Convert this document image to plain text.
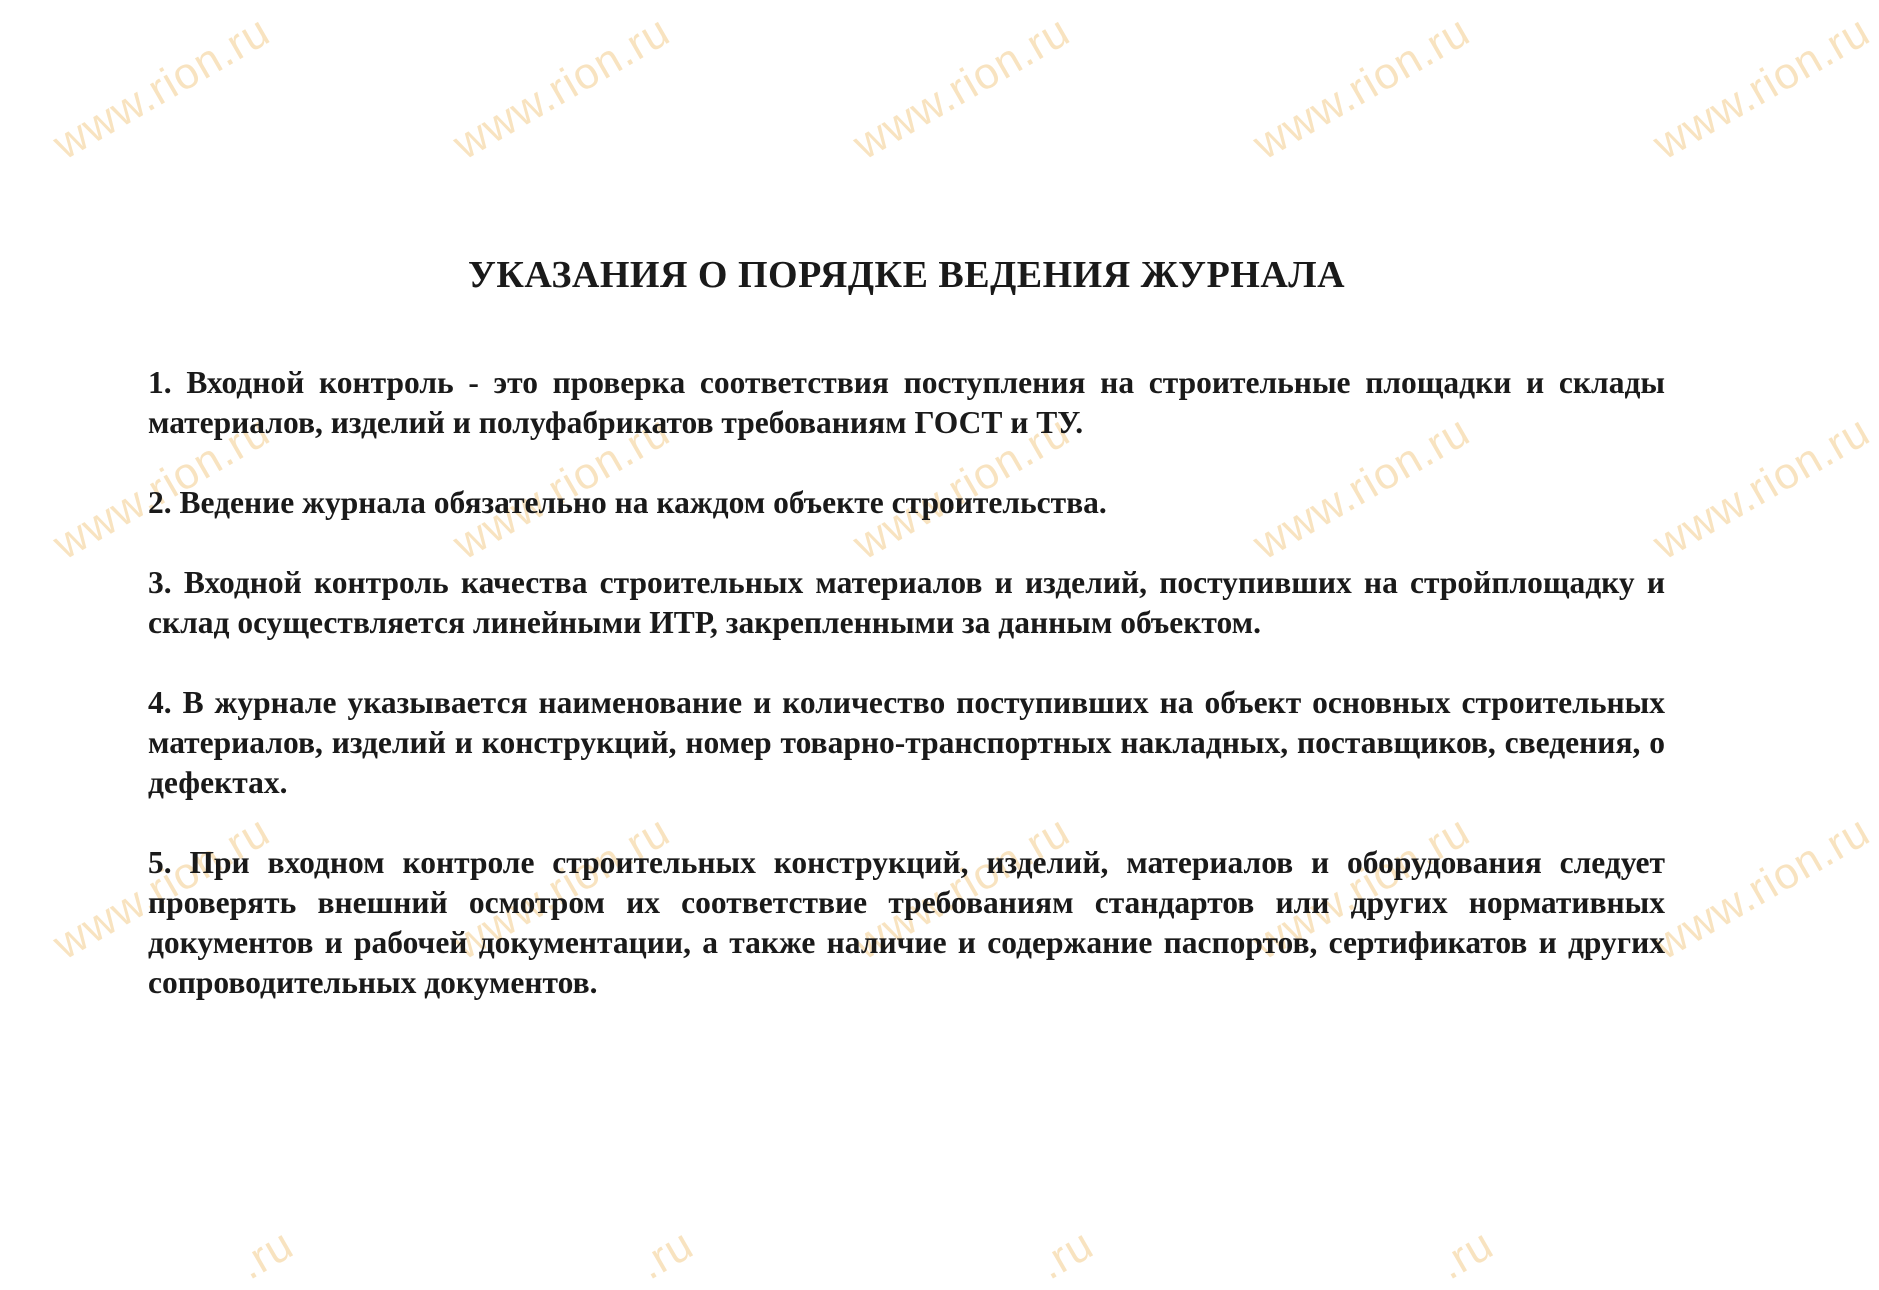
www.rion.ru	www.rion.ru	www.rion.ru	www.rion.ru	www.rion.ru
www.rion.ru	www.rion.ru	www.rion.ru	www.rion.ru	www.rion.ru
www.rion.ru	www.rion.ru	www.rion.ru	www.rion.ru	www.rion.ru
.ru	.ru	.ru	.ru
УКАЗАНИЯ О ПОРЯДКЕ ВЕДЕНИЯ ЖУРНАЛА

1. Входной контроль - это проверка соответствия поступления на строительные площадки и склады материалов, изделий и полуфабрикатов требованиям ГОСТ и ТУ.

2. Ведение журнала обязательно на каждом объекте строительства.

3. Входной контроль качества строительных материалов и изделий, поступивших на стройплощадку и склад осуществляется линейными ИТР, закрепленными за данным объектом.

4. В журнале указывается наименование и количество поступивших на объект основных строительных материалов, изделий и конструкций, номер товарно-транспортных накладных, поставщиков, сведения, о дефектах.

5. При входном контроле строительных конструкций, изделий, материалов и оборудования следует проверять внешний осмотром их соответствие требованиям стандартов или других нормативных документов и рабочей документации, а также наличие и содержание паспортов, сертификатов и других сопроводительных документов.
